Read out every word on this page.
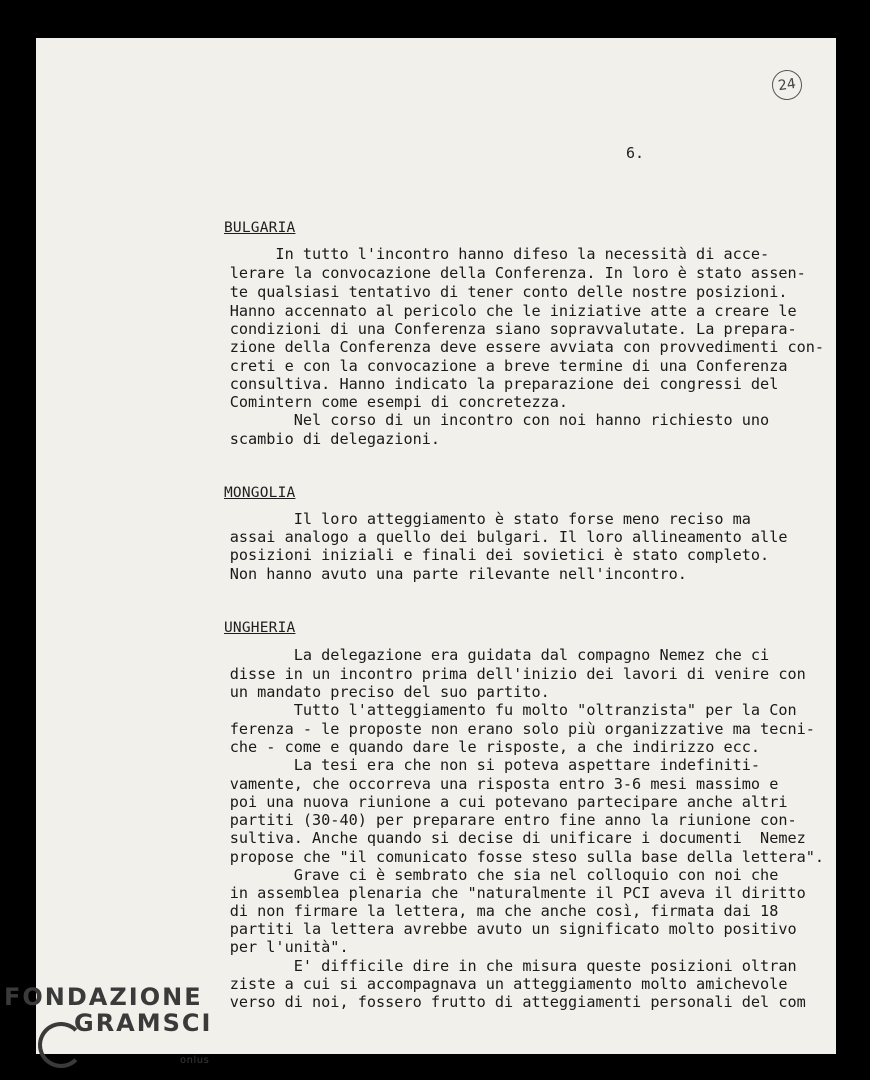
24
6.
BULGARIA
In tutto l'incontro hanno difeso la necessità di acce-
lerare la convocazione della Conferenza. In loro è stato assen-
te qualsiasi tentativo di tener conto delle nostre posizioni.
Hanno accennato al pericolo che le iniziative atte a creare le
condizioni di una Conferenza siano sopravvalutate. La prepara-
zione della Conferenza deve essere avviata con provvedimenti con-
creti e con la convocazione a breve termine di una Conferenza
consultiva. Hanno indicato la preparazione dei congressi del
Comintern come esempi di concretezza.
Nel corso di un incontro con noi hanno richiesto uno
scambio di delegazioni.
MONGOLIA
Il loro atteggiamento è stato forse meno reciso ma
assai analogo a quello dei bulgari. Il loro allineamento alle
posizioni iniziali e finali dei sovietici è stato completo.
Non hanno avuto una parte rilevante nell'incontro.
UNGHERIA
La delegazione era guidata dal compagno Nemez che ci
disse in un incontro prima dell'inizio dei lavori di venire con
un mandato preciso del suo partito.
Tutto l'atteggiamento fu molto "oltranzista" per la Con
ferenza - le proposte non erano solo più organizzative ma tecni-
che - come e quando dare le risposte, a che indirizzo ecc.
La tesi era che non si poteva aspettare indefiniti-
vamente, che occorreva una risposta entro 3-6 mesi massimo e
poi una nuova riunione a cui potevano partecipare anche altri
partiti (30-40) per preparare entro fine anno la riunione con-
sultiva. Anche quando si decise di unificare i documenti  Nemez
propose che "il comunicato fosse steso sulla base della lettera".
Grave ci è sembrato che sia nel colloquio con noi che
in assemblea plenaria che "naturalmente il PCI aveva il diritto
di non firmare la lettera, ma che anche così, firmata dai 18
partiti la lettera avrebbe avuto un significato molto positivo
per l'unità".
E' difficile dire in che misura queste posizioni oltran
ziste a cui si accompagnava un atteggiamento molto amichevole
verso di noi, fossero frutto di atteggiamenti personali del com
FONDAZIONE
GRAMSCI
onlus
